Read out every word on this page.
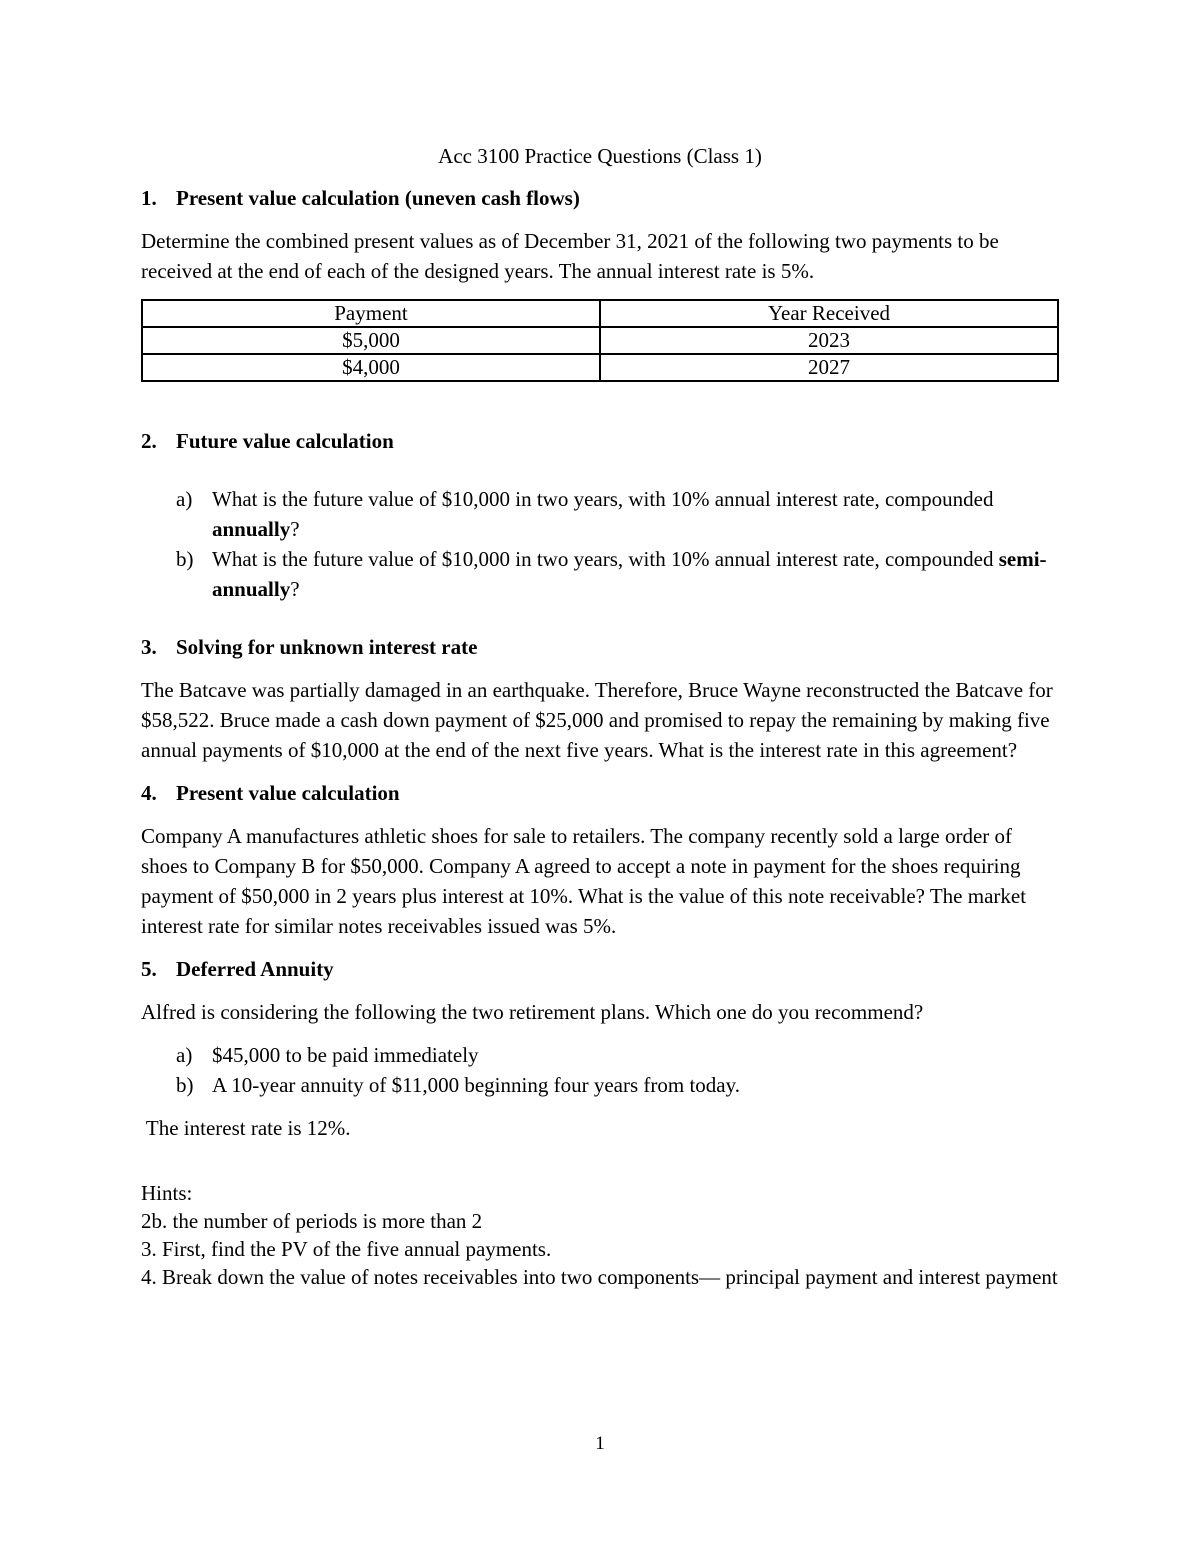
Acc 3100 Practice Questions (Class 1)
1. Present value calculation (uneven cash flows)
Determine the combined present values as of December 31, 2021 of the following two payments to be received at the end of each of the designed years. The annual interest rate is 5%.
Payment	Year Received
$5,000	2023
$4,000	2027
2. Future value calculation
a) What is the future value of $10,000 in two years, with 10% annual interest rate, compounded annually?
b) What is the future value of $10,000 in two years, with 10% annual interest rate, compounded semi-annually?
3. Solving for unknown interest rate
The Batcave was partially damaged in an earthquake. Therefore, Bruce Wayne reconstructed the Batcave for $58,522. Bruce made a cash down payment of $25,000 and promised to repay the remaining by making five annual payments of $10,000 at the end of the next five years. What is the interest rate in this agreement?
4. Present value calculation
Company A manufactures athletic shoes for sale to retailers. The company recently sold a large order of shoes to Company B for $50,000. Company A agreed to accept a note in payment for the shoes requiring payment of $50,000 in 2 years plus interest at 10%. What is the value of this note receivable? The market interest rate for similar notes receivables issued was 5%.
5. Deferred Annuity
Alfred is considering the following the two retirement plans. Which one do you recommend?
a) $45,000 to be paid immediately
b) A 10-year annuity of $11,000 beginning four years from today.
The interest rate is 12%.
Hints:
2b. the number of periods is more than 2
3. First, find the PV of the five annual payments.
4. Break down the value of notes receivables into two components— principal payment and interest payment
1
